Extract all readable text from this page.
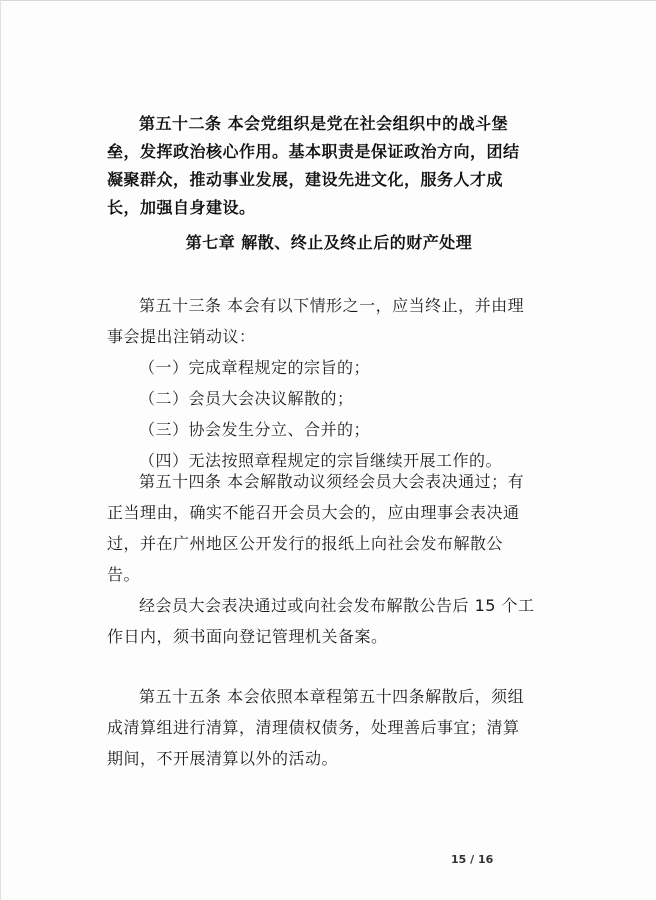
第五十二条 本会党组织是党在社会组织中的战斗堡
垒，发挥政治核心作用。基本职责是保证政治方向，团结
凝聚群众，推动事业发展，建设先进文化，服务人才成
长，加强自身建设。
第七章 解散、终止及终止后的财产处理
第五十三条 本会有以下情形之一，应当终止，并由理
事会提出注销动议：
（一）完成章程规定的宗旨的；
（二）会员大会决议解散的；
（三）协会发生分立、合并的；
（四）无法按照章程规定的宗旨继续开展工作的。
第五十四条 本会解散动议须经会员大会表决通过；有
正当理由，确实不能召开会员大会的，应由理事会表决通
过，并在广州地区公开发行的报纸上向社会发布解散公
告。
经会员大会表决通过或向社会发布解散公告后 15 个工
作日内，须书面向登记管理机关备案。
第五十五条 本会依照本章程第五十四条解散后，须组
成清算组进行清算，清理债权债务，处理善后事宜；清算
期间，不开展清算以外的活动。
15 / 16
